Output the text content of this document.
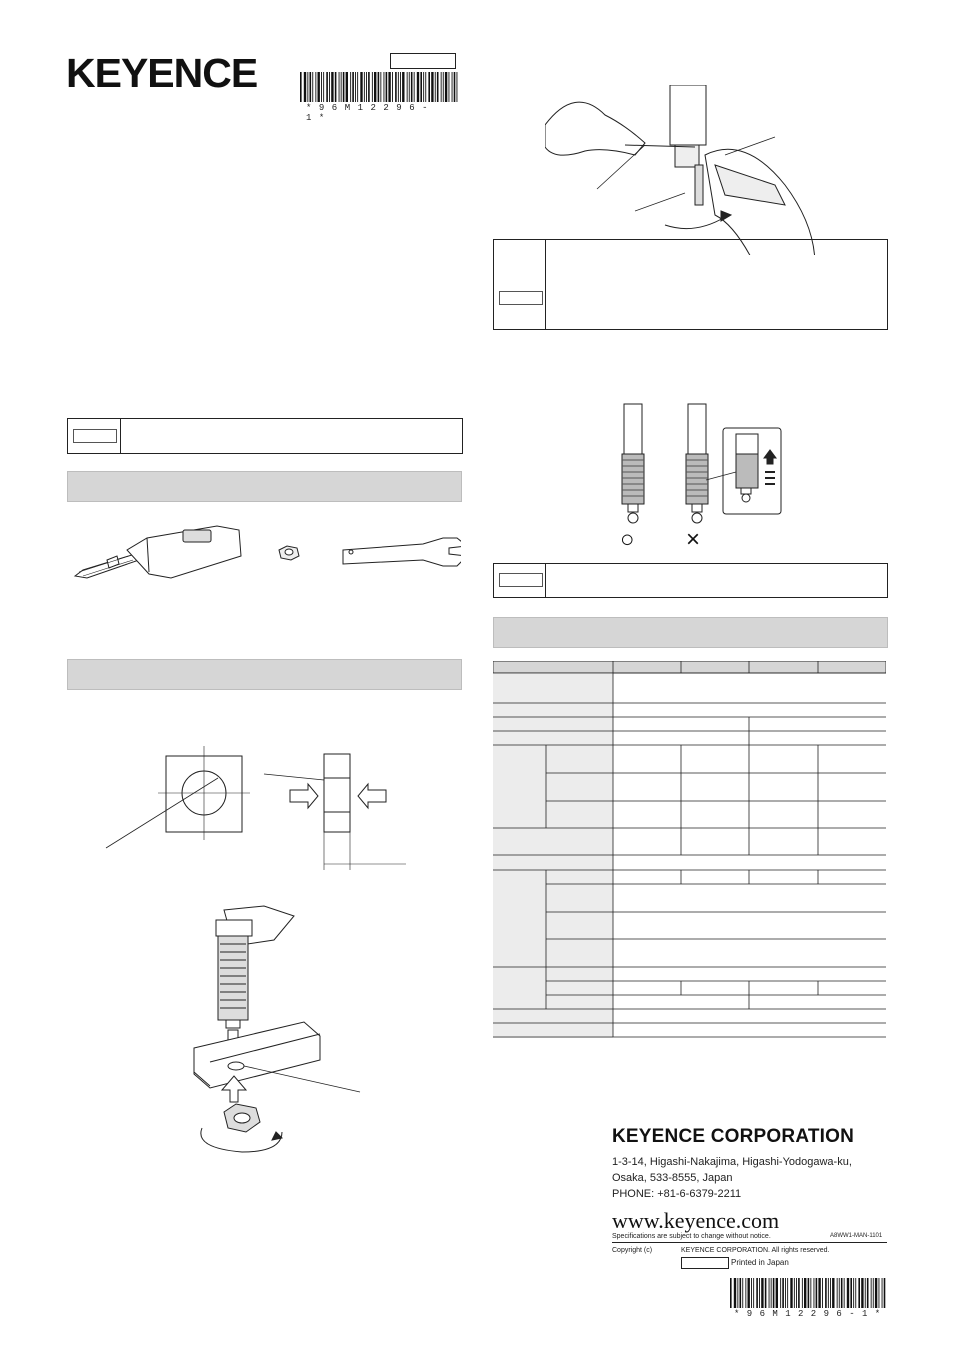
KEYENCE
*96M12296-1*
○ ×
KEYENCE CORPORATION
1-3-14, Higashi-Nakajima, Higashi-Yodogawa-ku,
Osaka, 533-8555, Japan
PHONE: +81-6-6379-2211
www.keyence.com
Specifications are subject to change without notice.	A8WW1-MAN-1101
Copyright (c)	KEYENCE CORPORATION. All rights reserved.
Printed in Japan
*96M12296-1*
